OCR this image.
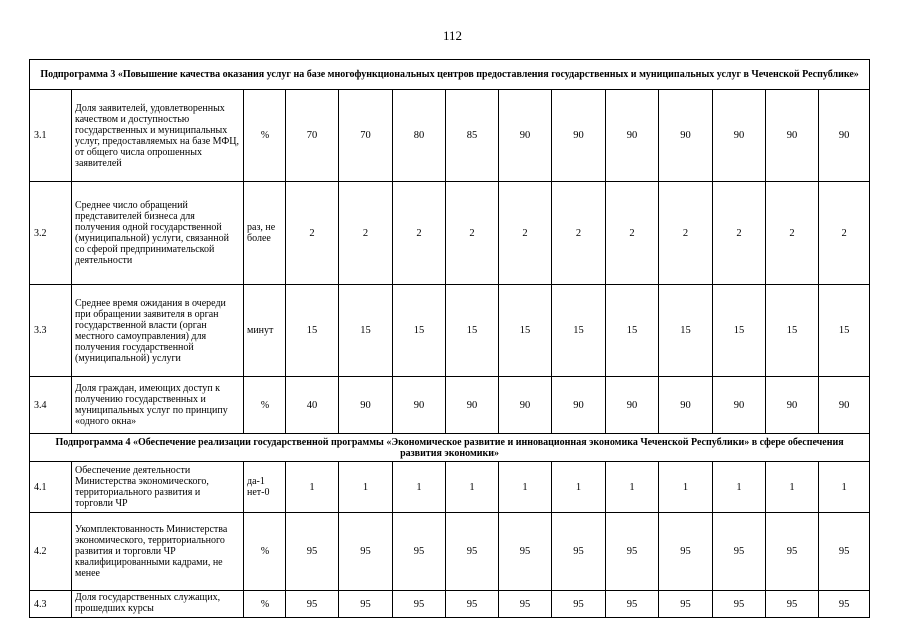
112
Подпрограмма 3 «Повышение качества оказания услуг на базе многофункциональных центров предоставления государственных и муниципальных услуг в Чеченской Республике»													
3.1	Доля заявителей, удовлетворенных качеством и доступностью государственных и муниципальных услуг, предоставляемых на базе МФЦ, от общего числа опрошенных заявителей	%	70	70	80	85	90	90	90	90	90	90	90
3.2	Среднее число обращений представителей бизнеса для получения одной государственной (муниципальной) услуги, связанной со сферой предпринимательской деятельности	раз, не более	2	2	2	2	2	2	2	2	2	2	2
3.3	Среднее время ожидания в очереди при обращении заявителя в орган государственной власти (орган местного самоуправления) для получения государственной (муниципальной) услуги	минут	15	15	15	15	15	15	15	15	15	15	15
3.4	Доля граждан, имеющих доступ к получению государственных и муниципальных услуг по принципу «одного окна»	%	40	90	90	90	90	90	90	90	90	90	90
Подпрограмма 4 «Обеспечение реализации государственной программы «Экономическое развитие и инновационная экономика Чеченской Республики» в сфере обеспечения развития экономики»													
4.1	Обеспечение деятельности Министерства экономического, территориального развития и торговли ЧР	да-1 нет-0	1	1	1	1	1	1	1	1	1	1	1
4.2	Укомплектованность Министерства экономического, территориального развития и торговли ЧР квалифицированными кадрами, не менее	%	95	95	95	95	95	95	95	95	95	95	95
4.3	Доля государственных служащих, прошедших курсы	%	95	95	95	95	95	95	95	95	95	95	95
